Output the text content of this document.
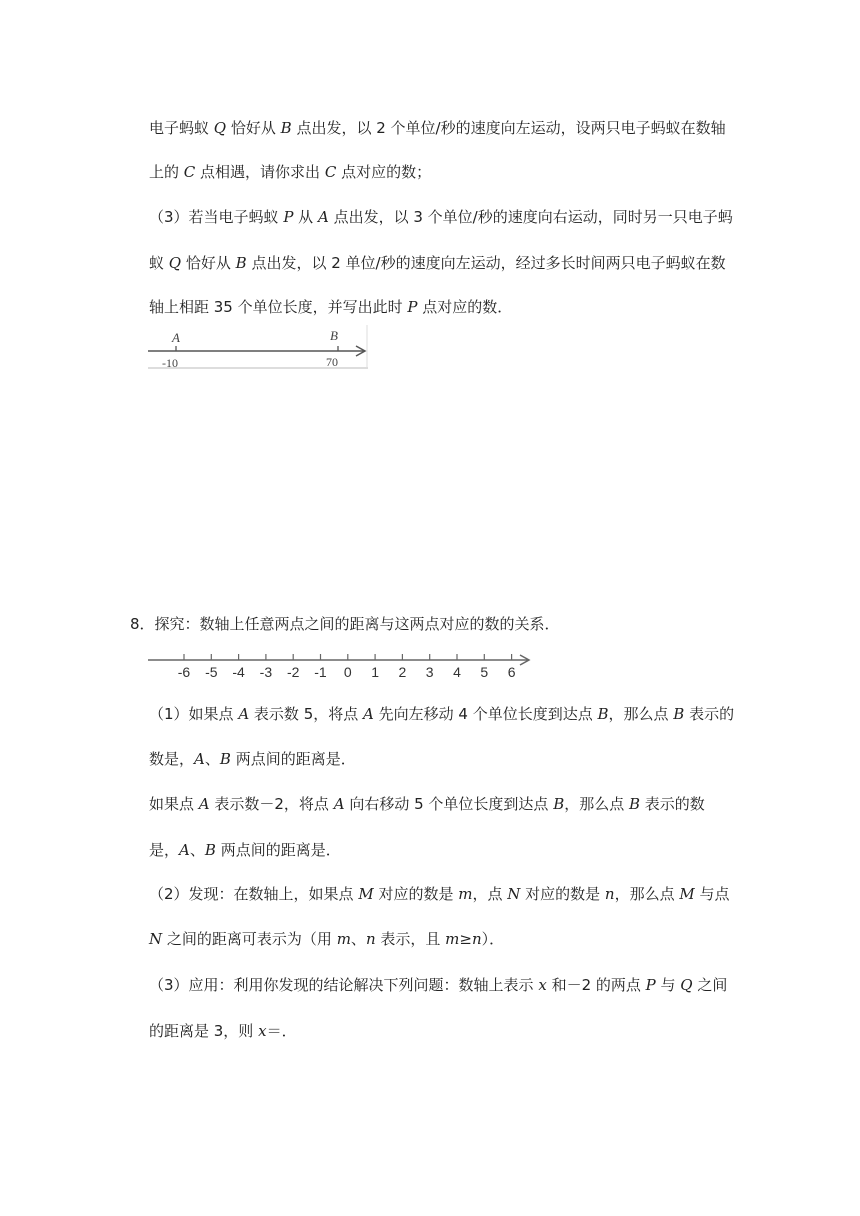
电子蚂蚁 Q 恰好从 B 点出发，以 2 个单位/秒的速度向左运动，设两只电子蚂蚁在数轴
上的 C 点相遇，请你求出 C 点对应的数；
（3）若当电子蚂蚁 P 从 A 点出发，以 3 个单位/秒的速度向右运动，同时另一只电子蚂
蚁 Q 恰好从 B 点出发，以 2 单位/秒的速度向左运动，经过多长时间两只电子蚂蚁在数
轴上相距 35 个单位长度，并写出此时 P 点对应的数．
A	B
-10	70
8．探究：数轴上任意两点之间的距离与这两点对应的数的关系．
-6 -5 -4 -3 -2 -1 0 1 2 3 4 5 6
（1）如果点 A 表示数 5，将点 A 先向左移动 4 个单位长度到达点 B，那么点 B 表示的
数是，A、B 两点间的距离是．
如果点 A 表示数－2，将点 A 向右移动 5 个单位长度到达点 B，那么点 B 表示的数
是，A、B 两点间的距离是．
（2）发现：在数轴上，如果点 M 对应的数是 m，点 N 对应的数是 n，那么点 M 与点
N 之间的距离可表示为（用 m、n 表示，且 m≥n）．
（3）应用：利用你发现的结论解决下列问题：数轴上表示 x 和－2 的两点 P 与 Q 之间
的距离是 3，则 x＝．
